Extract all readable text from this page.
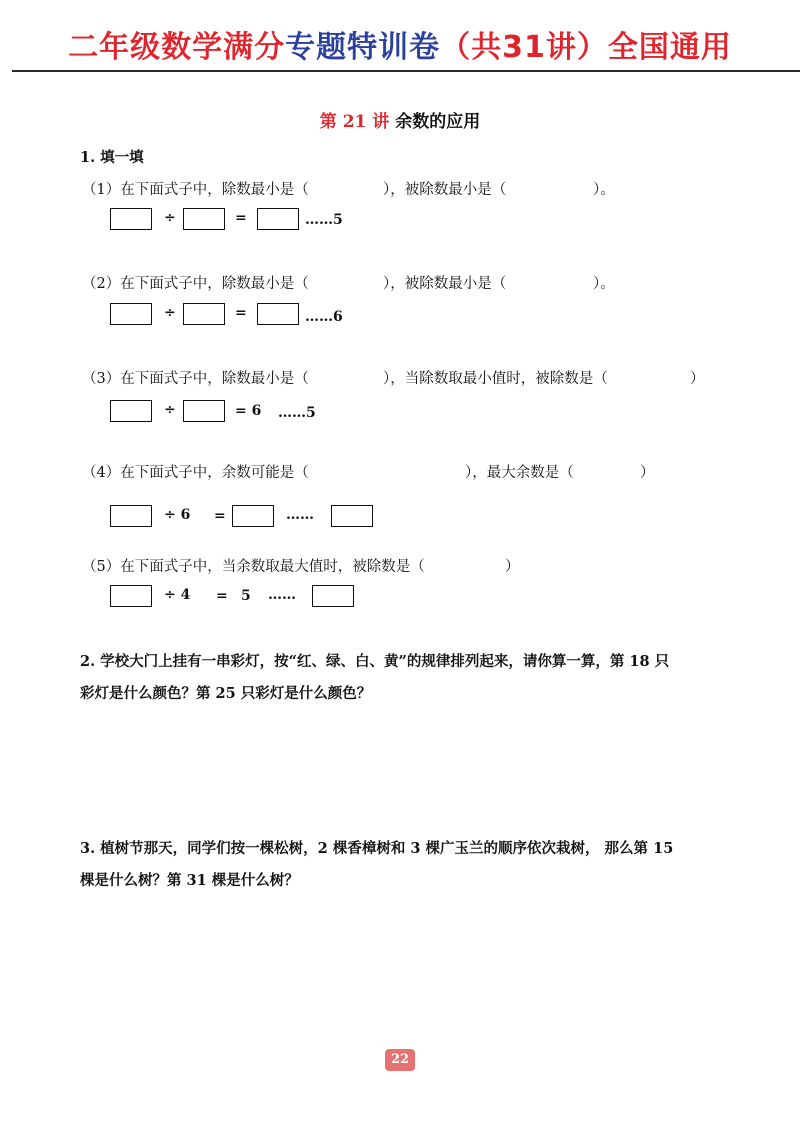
二年级数学满分专题特训卷（共31讲）全国通用
第 21 讲 余数的应用
1. 填一填
（1）在下面式子中，除数最小是（	），被除数最小是（	）。
÷	=	……5
（2）在下面式子中，除数最小是（	），被除数最小是（	）。
÷	=	……6
（3）在下面式子中，除数最小是（	），当除数取最小值时，被除数是（	）
÷	= 6 ……5
（4）在下面式子中，余数可能是（	），最大余数是（	）
÷ 6 =	……
（5）在下面式子中，当余数取最大值时，被除数是（	）
÷ 4 = 5 ……
2. 学校大门上挂有一串彩灯，按“红、绿、白、黄”的规律排列起来，请你算一算，第 18 只
彩灯是什么颜色？第 25 只彩灯是什么颜色？
3. 植树节那天，同学们按一棵松树，2 棵香樟树和 3 棵广玉兰的顺序依次栽树， 那么第 15
棵是什么树？第 31 棵是什么树？
22
